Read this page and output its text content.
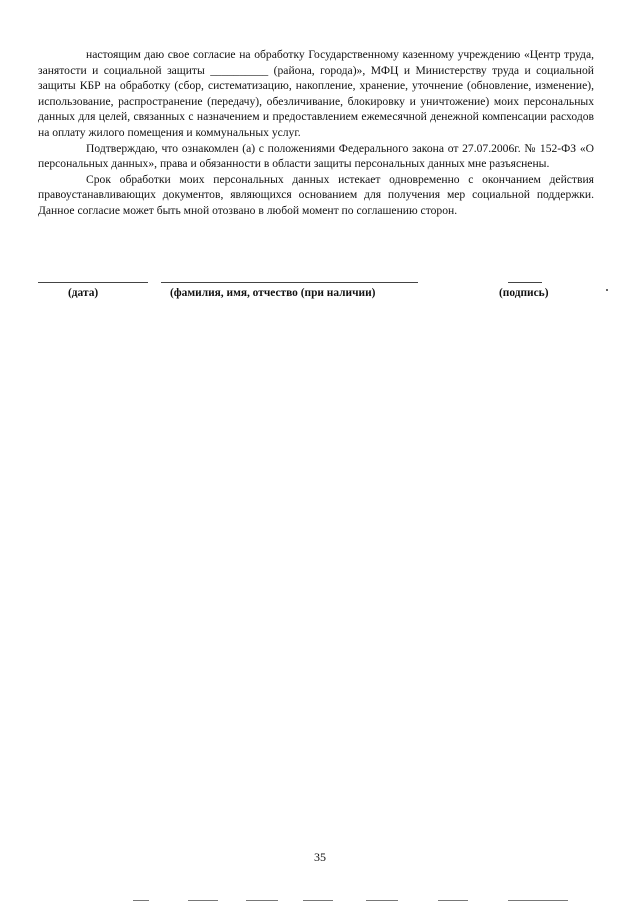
настоящим даю свое согласие на обработку Государственному казенному учреждению «Центр труда, занятости и социальной защиты __________ (района, города)», МФЦ и Министерству труда и социальной защиты КБР на обработку (сбор, систематизацию, накопление, хранение, уточнение (обновление, изменение), использование, распространение (передачу), обезличивание, блокировку и уничтожение) моих персональных данных для целей, связанных с назначением и предоставлением ежемесячной денежной компенсации расходов на оплату жилого помещения и коммунальных услуг.

Подтверждаю, что ознакомлен (а) с положениями Федерального закона от 27.07.2006г. № 152-ФЗ «О персональных данных», права и обязанности в области защиты персональных данных мне разъяснены.

Срок обработки моих персональных данных истекает одновременно с окончанием действия правоустанавливающих документов, являющихся основанием для получения мер социальной поддержки. Данное согласие может быть мной отозвано в любой момент по соглашению сторон.

(дата)	(фамилия, имя, отчество (при наличии)	(подпись)
35
